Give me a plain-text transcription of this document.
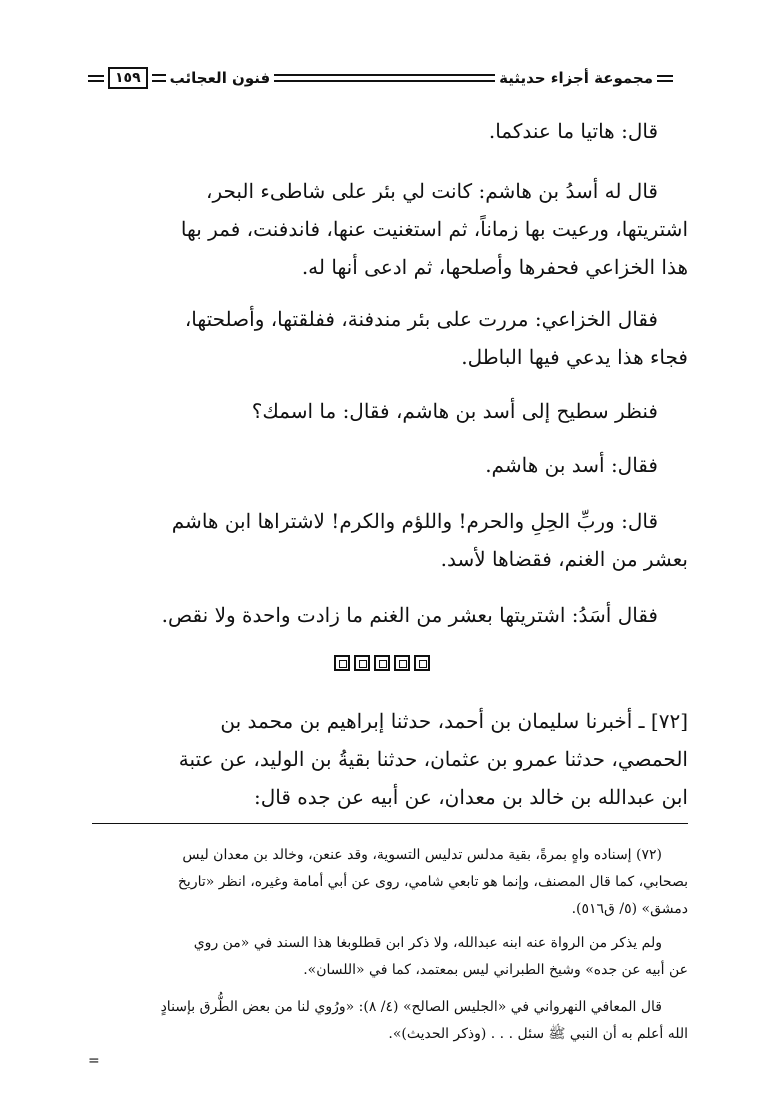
مجموعة أجزاء حديثية
فنون العجائب
١٥٩
قال: هاتيا ما عندكما.
قال له أسدُ بن هاشم: كانت لي بئر على شاطىء البحر،
اشتريتها، ورعيت بها زماناً، ثم استغنيت عنها، فاندفنت، فمر بها
هذا الخزاعي فحفرها وأصلحها، ثم ادعى أنها له.
فقال الخزاعي: مررت على بئر مندفنة، ففلقتها، وأصلحتها،
فجاء هذا يدعي فيها الباطل.
فنظر سطيح إلى أسد بن هاشم، فقال: ما اسمك؟
فقال: أسد بن هاشم.
قال: وربِّ الحِلِ والحرم! واللؤم والكرم! لاشتراها ابن هاشم
بعشر من الغنم، فقضاها لأسد.
فقال أسَدُ: اشتريتها بعشر من الغنم ما زادت واحدة ولا نقص.
[٧٢] ـ أخبرنا سليمان بن أحمد، حدثنا إبراهيم بن محمد بن
الحمصي، حدثنا عمرو بن عثمان، حدثنا بقيةُ بن الوليد، عن عتبة
ابن عبدالله بن خالد بن معدان، عن أبيه عن جده قال:
(٧٢) إسناده واهٍ بمرةً، بقية مدلس تدليس التسوية، وقد عنعن، وخالد بن معدان ليس
بصحابي، كما قال المصنف، وإنما هو تابعي شامي، روى عن أبي أمامة وغيره، انظر «تاريخ
دمشق» (٥/ ق٥١٦).
ولم يذكر من الرواة عنه ابنه عبدالله، ولا ذكر ابن قطلوبغا هذا السند في «من روي
عن أبيه عن جده» وشيخ الطبراني ليس بمعتمد، كما في «اللسان».
قال المعافي النهرواني في «الجليس الصالح» (٤/ ٨): «ورُوي لنا من بعض الطُّرق بإسنادٍ
الله أعلم به أن النبي ﷺ سئل . . . (وذكر الحديث)».
=
